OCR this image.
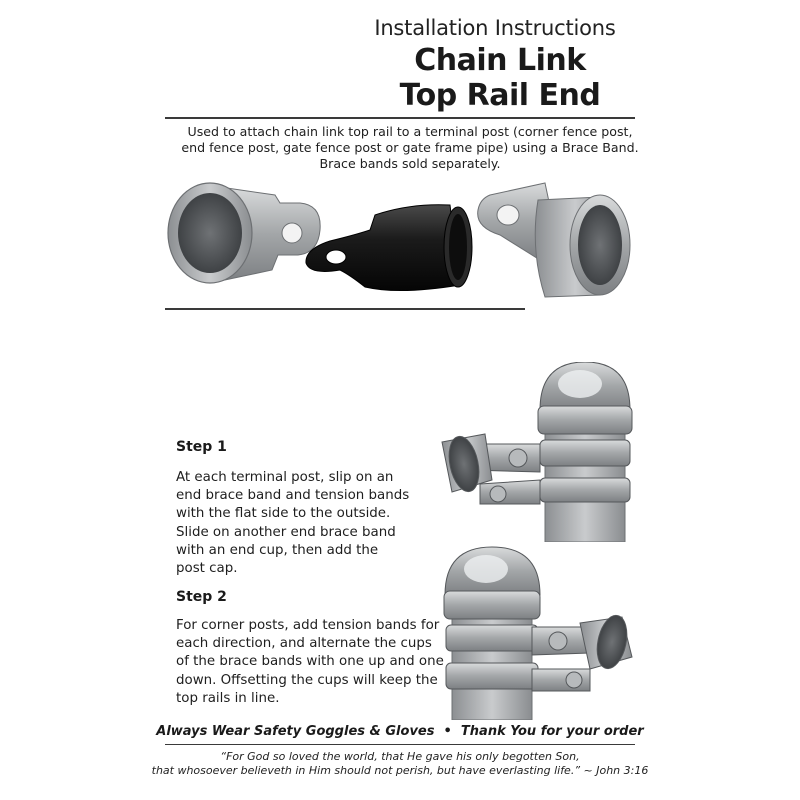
Installation Instructions
Chain Link
Top Rail End
Used to attach chain link top rail to a terminal post (corner fence post,
end fence post, gate fence post or gate frame pipe) using a Brace Band.
Brace bands sold separately.
Step 1
At each terminal post, slip on an
end brace band and tension bands
with the flat side to the outside.
Slide on another end brace band
with an end cup, then add the
post cap.
Step 2
For corner posts, add tension bands for
each direction, and alternate the cups
of the brace bands with one up and one
down. Offsetting the cups will keep the
top rails in line.
Always Wear Safety Goggles & Gloves • Thank You for your order
“For God so loved the world, that He gave his only begotten Son,
that whosoever believeth in Him should not perish, but have everlasting life.” ~ John 3:16
